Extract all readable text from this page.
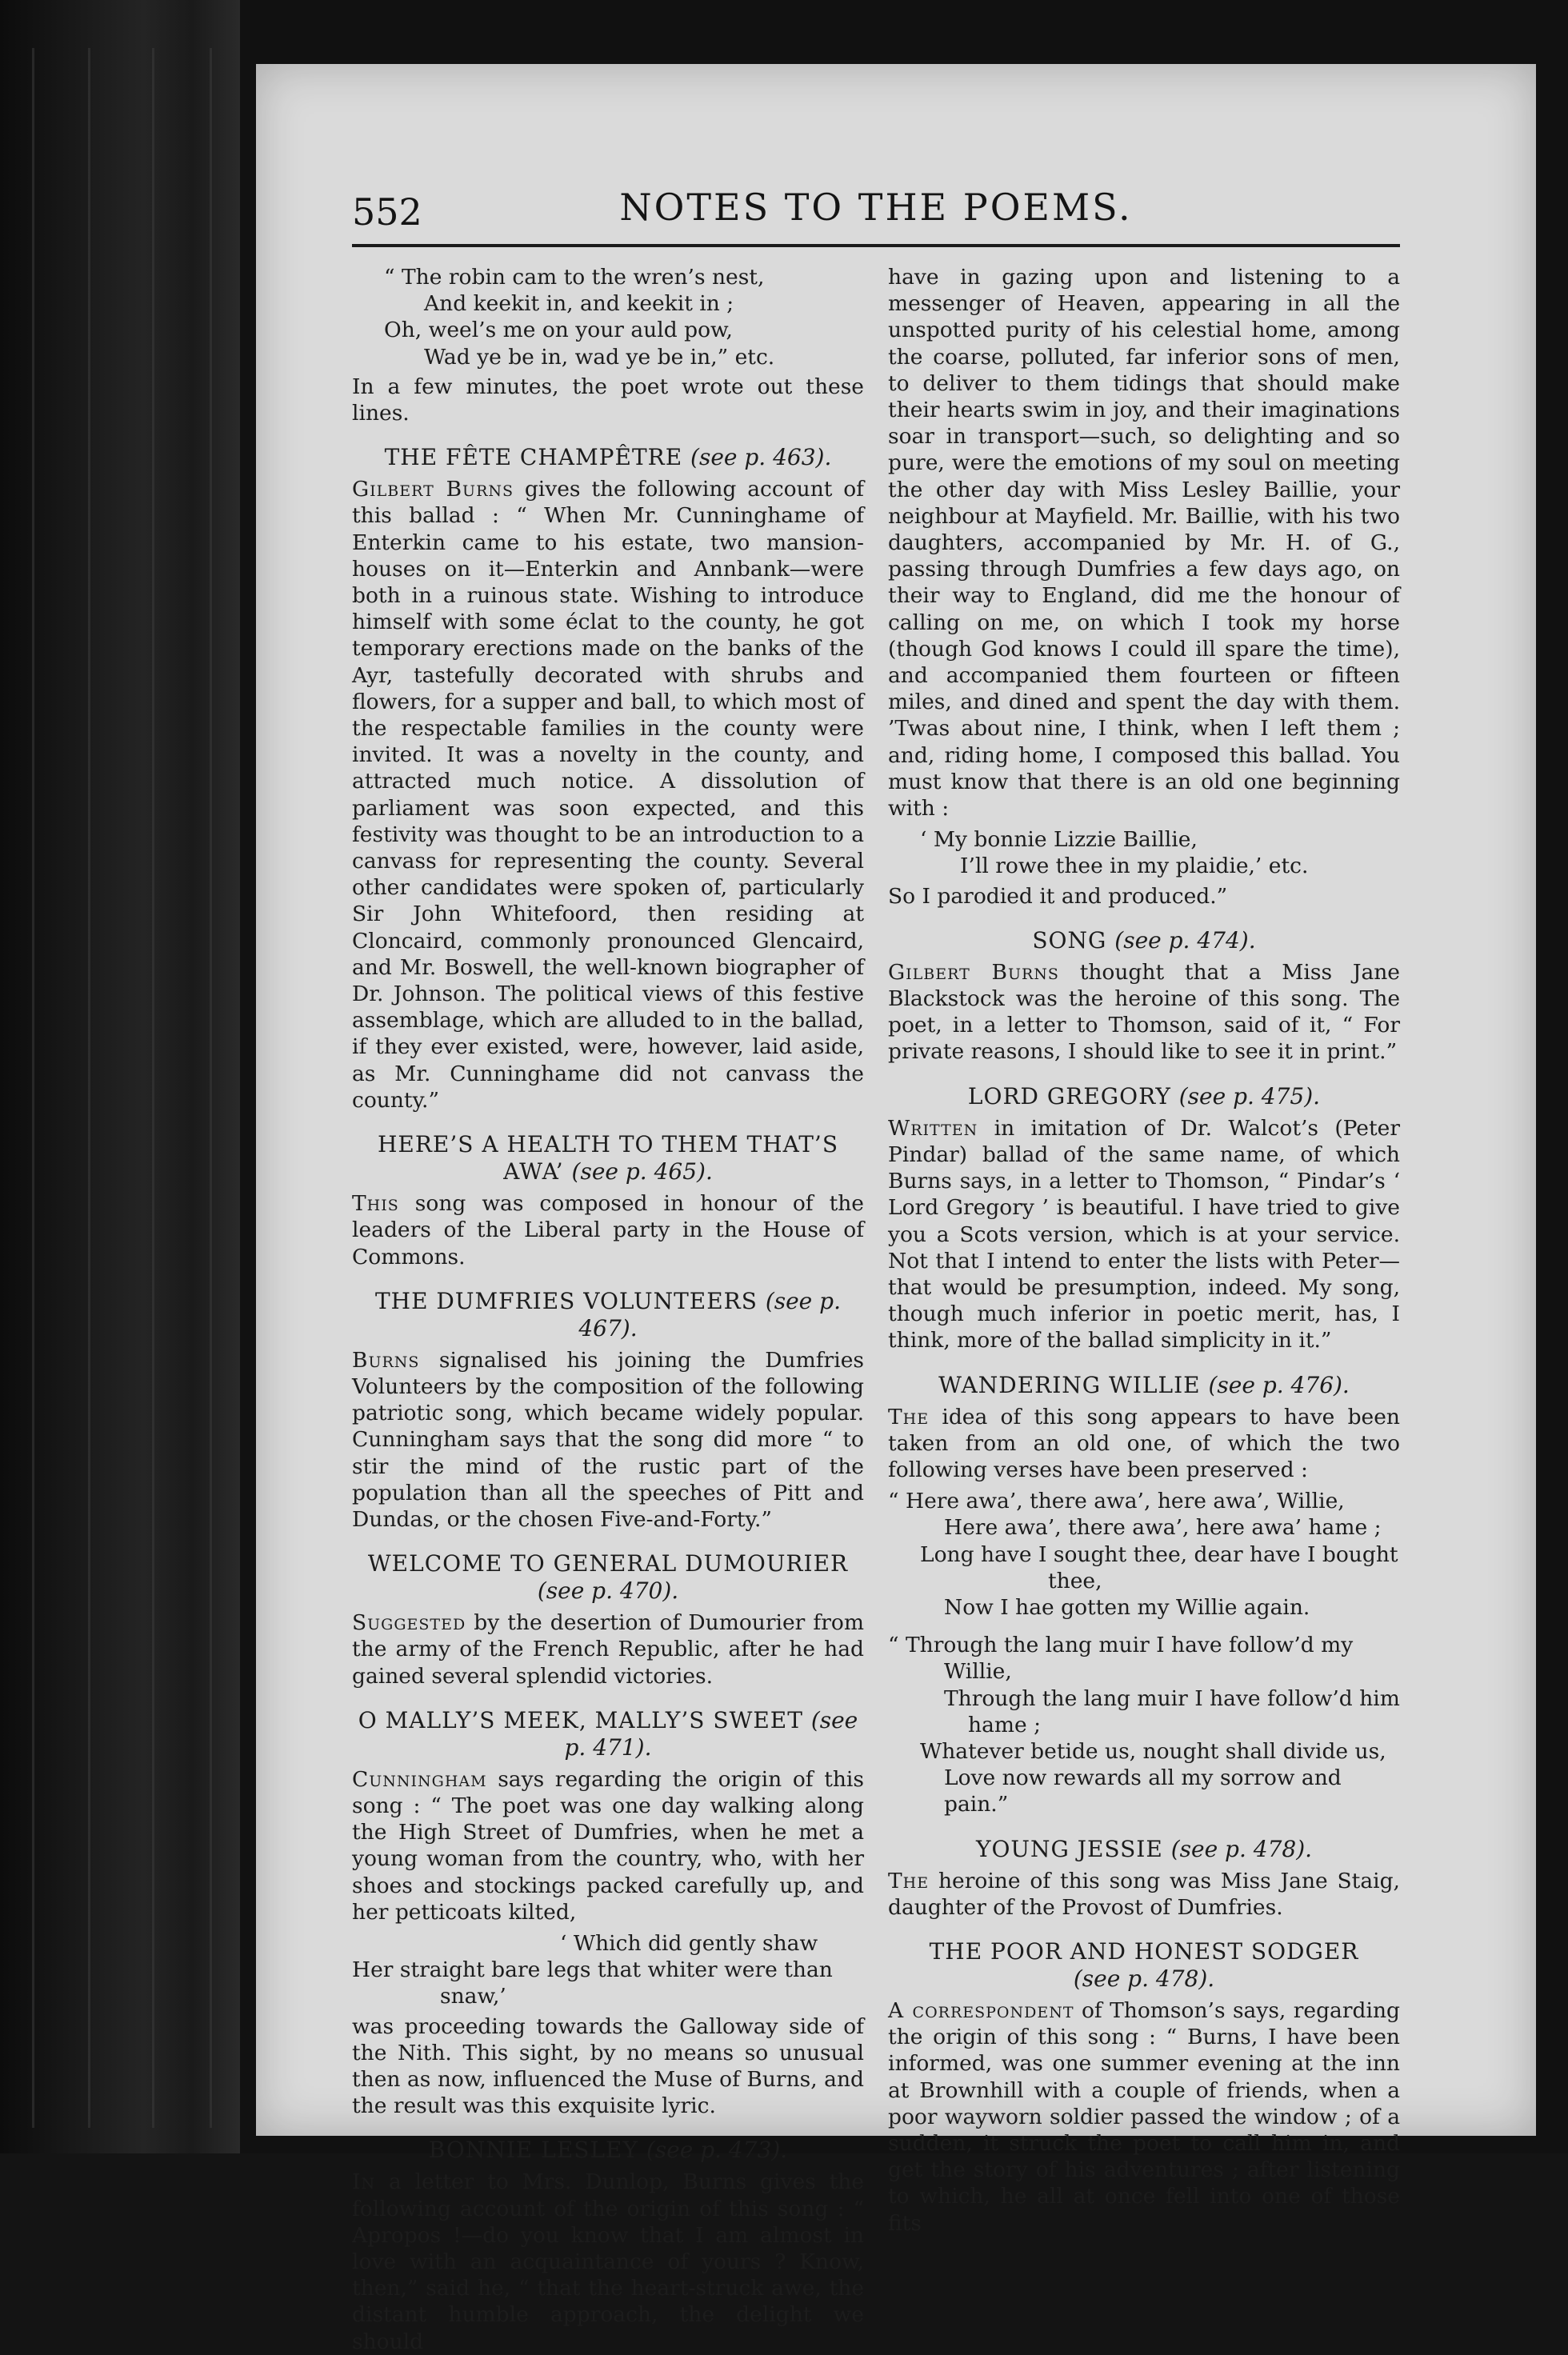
NOTES TO THE POEMS.
552
“ The robin cam to the wren’s nest,
And keekit in, and keekit in ;
Oh, weel’s me on your auld pow,
Wad ye be in, wad ye be in,” etc.

In a few minutes, the poet wrote out these lines.

THE FÊTE CHAMPÊTRE (see p. 463).

Gilbert Burns gives the following account of this ballad : “ When Mr. Cunninghame of Enterkin came to his estate, two mansion-houses on it—Enterkin and Annbank—were both in a ruinous state. Wishing to introduce himself with some éclat to the county, he got temporary erections made on the banks of the Ayr, tastefully decorated with shrubs and flowers, for a supper and ball, to which most of the respectable families in the county were invited. It was a novelty in the county, and attracted much notice. A dissolution of parliament was soon expected, and this festivity was thought to be an introduction to a canvass for representing the county. Several other candidates were spoken of, particularly Sir John Whitefoord, then residing at Cloncaird, commonly pronounced Glencaird, and Mr. Boswell, the well-known biographer of Dr. Johnson. The political views of this festive assemblage, which are alluded to in the ballad, if they ever existed, were, however, laid aside, as Mr. Cunninghame did not canvass the county.”

HERE’S A HEALTH TO THEM THAT’S AWA’ (see p. 465).

This song was composed in honour of the leaders of the Liberal party in the House of Commons.

THE DUMFRIES VOLUNTEERS (see p. 467).

Burns signalised his joining the Dumfries Volunteers by the composition of the following patriotic song, which became widely popular. Cunningham says that the song did more “ to stir the mind of the rustic part of the population than all the speeches of Pitt and Dundas, or the chosen Five-and-Forty.”

WELCOME TO GENERAL DUMOURIER (see p. 470).

Suggested by the desertion of Dumourier from the army of the French Republic, after he had gained several splendid victories.

O MALLY’S MEEK, MALLY’S SWEET (see p. 471).

Cunningham says regarding the origin of this song : “ The poet was one day walking along the High Street of Dumfries, when he met a young woman from the country, who, with her shoes and stockings packed carefully up, and her petticoats kilted,

‘ Which did gently shaw
Her straight bare legs that whiter were than
snaw,’

was proceeding towards the Galloway side of the Nith. This sight, by no means so unusual then as now, influenced the Muse of Burns, and the result was this exquisite lyric.

BONNIE LESLEY (see p. 473).

In a letter to Mrs. Dunlop, Burns gives the following account of the origin of this song : “ Apropos !—do you know that I am almost in love with an acquaintance of yours ? Know, then,” said he, “ that the heart-struck awe, the distant humble approach, the delight we should

have in gazing upon and listening to a messenger of Heaven, appearing in all the unspotted purity of his celestial home, among the coarse, polluted, far inferior sons of men, to deliver to them tidings that should make their hearts swim in joy, and their imaginations soar in transport—such, so delighting and so pure, were the emotions of my soul on meeting the other day with Miss Lesley Baillie, your neighbour at Mayfield. Mr. Baillie, with his two daughters, accompanied by Mr. H. of G., passing through Dumfries a few days ago, on their way to England, did me the honour of calling on me, on which I took my horse (though God knows I could ill spare the time), and accompanied them fourteen or fifteen miles, and dined and spent the day with them. ’Twas about nine, I think, when I left them ; and, riding home, I composed this ballad. You must know that there is an old one beginning with :

‘ My bonnie Lizzie Baillie,
I’ll rowe thee in my plaidie,’ etc.

So I parodied it and produced.”

SONG (see p. 474).

Gilbert Burns thought that a Miss Jane Blackstock was the heroine of this song. The poet, in a letter to Thomson, said of it, “ For private reasons, I should like to see it in print.”

LORD GREGORY (see p. 475).

Written in imitation of Dr. Walcot’s (Peter Pindar) ballad of the same name, of which Burns says, in a letter to Thomson, “ Pindar’s ‘ Lord Gregory ’ is beautiful. I have tried to give you a Scots version, which is at your service. Not that I intend to enter the lists with Peter—that would be presumption, indeed. My song, though much inferior in poetic merit, has, I think, more of the ballad simplicity in it.”

WANDERING WILLIE (see p. 476).

The idea of this song appears to have been taken from an old one, of which the two following verses have been preserved :

“ Here awa’, there awa’, here awa’, Willie,
Here awa’, there awa’, here awa’ hame ;
Long have I sought thee, dear have I bought
thee,
Now I hae gotten my Willie again.
“ Through the lang muir I have follow’d my
Willie,
Through the lang muir I have follow’d him
hame ;
Whatever betide us, nought shall divide us,
Love now rewards all my sorrow and pain.”
YOUNG JESSIE (see p. 478).

The heroine of this song was Miss Jane Staig, daughter of the Provost of Dumfries.

THE POOR AND HONEST SODGER
(see p. 478).

A correspondent of Thomson’s says, regarding the origin of this song : “ Burns, I have been informed, was one summer evening at the inn at Brownhill with a couple of friends, when a poor wayworn soldier passed the window ; of a sudden, it struck the poet to call him in, and get the story of his adventures ; after listening to which, he all at once fell into one of those fits
